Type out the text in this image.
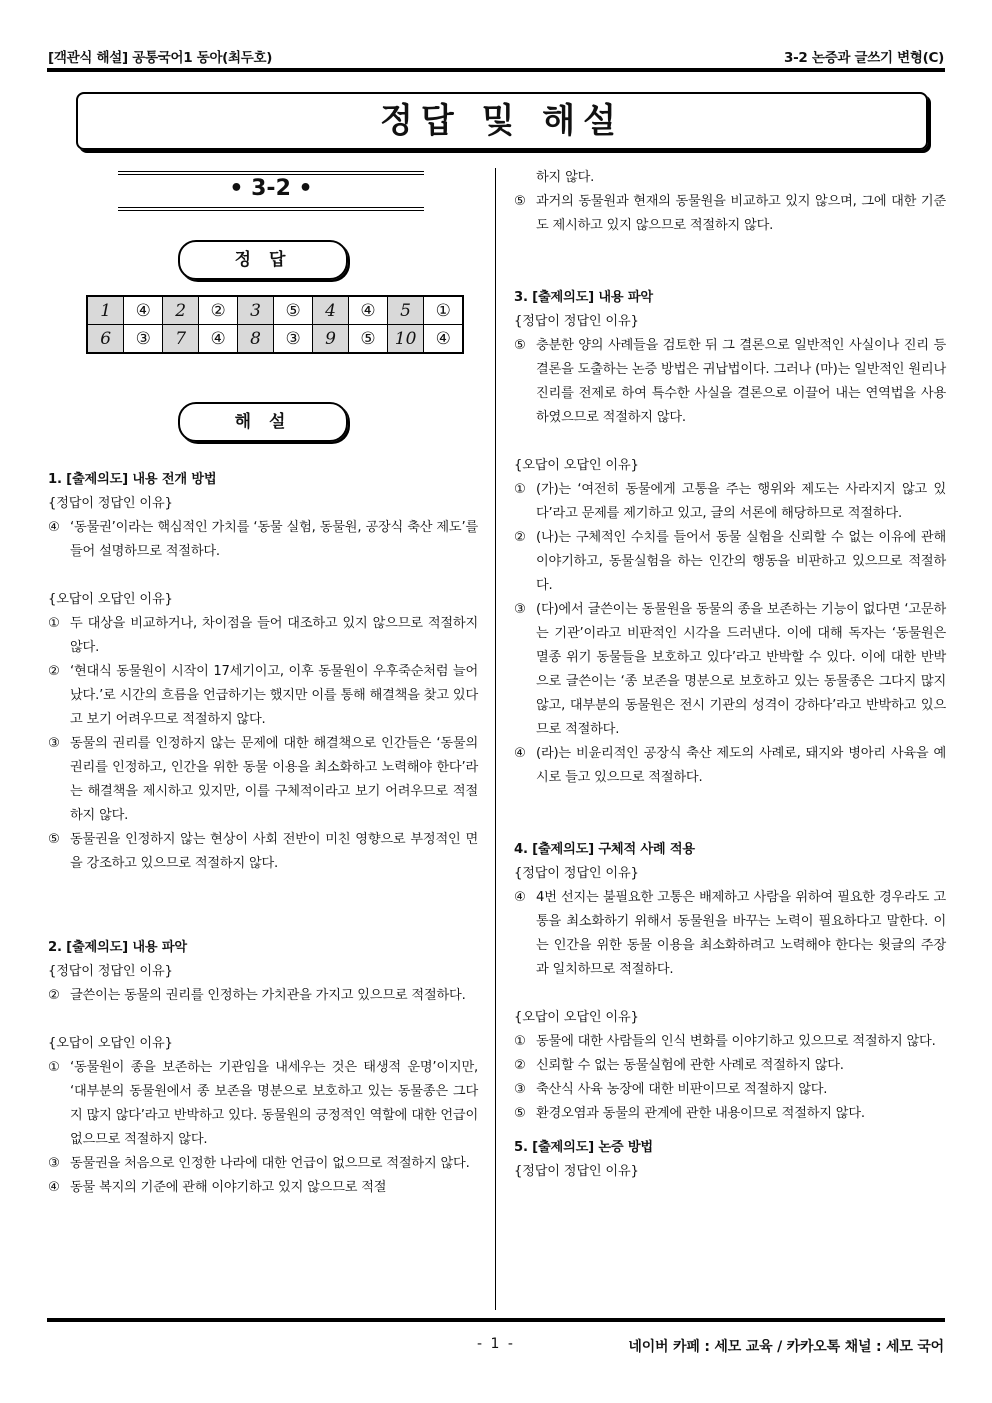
[객관식 해설] 공통국어1 동아(최두호)	3-2 논증과 글쓰기 변형(C)
정답 및 해설
• 3-2 •
정 답
1	④	2	②	3	⑤	4	④	5	①
6	③	7	④	8	③	9	⑤	10	④
해 설
1. [출제의도] 내용 전개 방법
{정답이 정답인 이유}
④ ‘동물권’이라는 핵심적인 가치를 ‘동물 실험, 동물원, 공장식 축산 제도’를 들어 설명하므로 적절하다.
{오답이 오답인 이유}
① 두 대상을 비교하거나, 차이점을 들어 대조하고 있지 않으므로 적절하지 않다.
② ‘현대식 동물원이 시작이 17세기이고, 이후 동물원이 우후죽순처럼 늘어났다.’로 시간의 흐름을 언급하기는 했지만 이를 통해 해결책을 찾고 있다고 보기 어려우므로 적절하지 않다.
③ 동물의 권리를 인정하지 않는 문제에 대한 해결책으로 인간들은 ‘동물의 권리를 인정하고, 인간을 위한 동물 이용을 최소화하고 노력해야 한다’라는 해결책을 제시하고 있지만, 이를 구체적이라고 보기 어려우므로 적절하지 않다.
⑤ 동물권을 인정하지 않는 현상이 사회 전반이 미친 영향으로 부정적인 면을 강조하고 있으므로 적절하지 않다.
2. [출제의도] 내용 파악
{정답이 정답인 이유}
② 글쓴이는 동물의 권리를 인정하는 가치관을 가지고 있으므로 적절하다.
{오답이 오답인 이유}
① ‘동물원이 종을 보존하는 기관임을 내세우는 것은 태생적 운명’이지만, ‘대부분의 동물원에서 종 보존을 명분으로 보호하고 있는 동물종은 그다지 많지 않다’라고 반박하고 있다. 동물원의 긍정적인 역할에 대한 언급이 없으므로 적절하지 않다.
③ 동물권을 처음으로 인정한 나라에 대한 언급이 없으므로 적절하지 않다.
④ 동물 복지의 기준에 관해 이야기하고 있지 않으므로 적절
하지 않다.
⑤ 과거의 동물원과 현재의 동물원을 비교하고 있지 않으며, 그에 대한 기준도 제시하고 있지 않으므로 적절하지 않다.
3. [출제의도] 내용 파악
{정답이 정답인 이유}
⑤ 충분한 양의 사례들을 검토한 뒤 그 결론으로 일반적인 사실이나 진리 등 결론을 도출하는 논증 방법은 귀납법이다. 그러나 (마)는 일반적인 원리나 진리를 전제로 하여 특수한 사실을 결론으로 이끌어 내는 연역법을 사용하였으므로 적절하지 않다.
{오답이 오답인 이유}
① (가)는 ‘여전히 동물에게 고통을 주는 행위와 제도는 사라지지 않고 있다’라고 문제를 제기하고 있고, 글의 서론에 해당하므로 적절하다.
② (나)는 구체적인 수치를 들어서 동물 실험을 신뢰할 수 없는 이유에 관해 이야기하고, 동물실험을 하는 인간의 행동을 비판하고 있으므로 적절하다.
③ (다)에서 글쓴이는 동물원을 동물의 종을 보존하는 기능이 없다면 ‘고문하는 기관’이라고 비판적인 시각을 드러낸다. 이에 대해 독자는 ‘동물원은 멸종 위기 동물들을 보호하고 있다’라고 반박할 수 있다. 이에 대한 반박으로 글쓴이는 ‘종 보존을 명분으로 보호하고 있는 동물종은 그다지 많지 않고, 대부분의 동물원은 전시 기관의 성격이 강하다’라고 반박하고 있으므로 적절하다.
④ (라)는 비윤리적인 공장식 축산 제도의 사례로, 돼지와 병아리 사육을 예시로 들고 있으므로 적절하다.
4. [출제의도] 구체적 사례 적용
{정답이 정답인 이유}
④ 4번 선지는 불필요한 고통은 배제하고 사람을 위하여 필요한 경우라도 고통을 최소화하기 위해서 동물원을 바꾸는 노력이 필요하다고 말한다. 이는 인간을 위한 동물 이용을 최소화하려고 노력해야 한다는 윗글의 주장과 일치하므로 적절하다.
{오답이 오답인 이유}
① 동물에 대한 사람들의 인식 변화를 이야기하고 있으므로 적절하지 않다.
② 신뢰할 수 없는 동물실험에 관한 사례로 적절하지 않다.
③ 축산식 사육 농장에 대한 비판이므로 적절하지 않다.
⑤ 환경오염과 동물의 관계에 관한 내용이므로 적절하지 않다.
5. [출제의도] 논증 방법
{정답이 정답인 이유}
- 1 -	네이버 카페 : 세모 교육 / 카카오톡 채널 : 세모 국어
